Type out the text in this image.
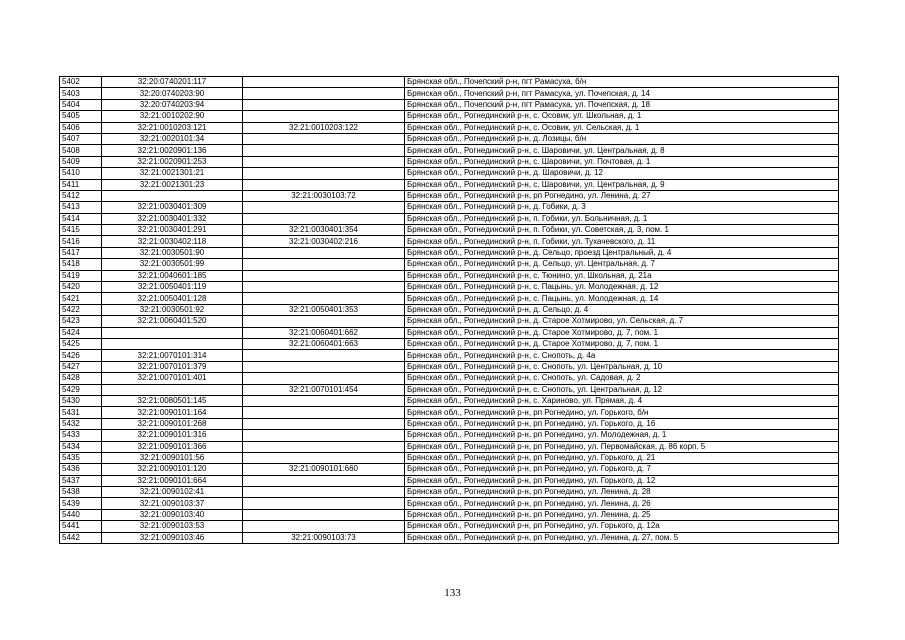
5402	32:20:0740201:117		Брянская обл., Почепский р-н, пгт Рамасуха, б/н
5403	32:20:0740203:90		Брянская обл., Почепский р-н, пгт Рамасуха, ул. Почепская, д. 14
5404	32:20:0740203:94		Брянская обл., Почепский р-н, пгт Рамасуха, ул. Почепская, д. 18
5405	32:21:0010202:90		Брянская обл., Рогнединский р-н, с. Осовик, ул. Школьная, д. 1
5406	32:21:0010203:121	32:21:0010203:122	Брянская обл., Рогнединский р-н, с. Осовик, ул. Сельская, д. 1
5407	32:21:0020101:34		Брянская обл., Рогнединский р-н, д. Лозицы, б/н
5408	32:21:0020901:136		Брянская обл., Рогнединский р-н, с. Шаровичи, ул. Центральная, д. 8
5409	32:21:0020901:253		Брянская обл., Рогнединский р-н, с. Шаровичи, ул. Почтовая, д. 1
5410	32:21:0021301:21		Брянская обл., Рогнединский р-н, д. Шаровичи, д. 12
5411	32:21:0021301:23		Брянская обл., Рогнединский р-н, с. Шаровичи, ул. Центральная, д. 9
5412		32:21:0030103:72	Брянская обл., Рогнединский р-н, рп Рогнедино, ул. Ленина, д. 27
5413	32:21:0030401:309		Брянская обл., Рогнединский р-н, д. Гобики, д. 3
5414	32:21:0030401:332		Брянская обл., Рогнединский р-н, п. Гобики, ул. Больничная, д. 1
5415	32:21:0030401:291	32:21:0030401:354	Брянская обл., Рогнединский р-н, п. Гобики, ул. Советская, д. 3, пом. 1
5416	32:21:0030402:118	32:21:0030402:216	Брянская обл., Рогнединский р-н, п. Гобики, ул. Тухачевского, д. 11
5417	32:21:0030501:90		Брянская обл., Рогнединский р-н, д. Сельцо, проезд Центральный, д. 4
5418	32:21:0030501:99		Брянская обл., Рогнединский р-н, д. Сельцо, ул. Центральная, д. 7
5419	32:21:0040601:185		Брянская обл., Рогнединский р-н, с. Тюнино, ул. Школьная, д. 21а
5420	32:21:0050401:119		Брянская обл., Рогнединский р-н, с. Пацынь, ул. Молодежная, д. 12
5421	32:21:0050401:128		Брянская обл., Рогнединский р-н, с. Пацынь, ул. Молодежная, д. 14
5422	32:21:0030501:92	32:21:0050401:353	Брянская обл., Рогнединский р-н, д. Сельцо, д. 4
5423	32:21:0060401:520		Брянская обл., Рогнединский р-н, д. Старое Хотмирово, ул. Сельская, д. 7
5424		32:21:0060401:662	Брянская обл., Рогнединский р-н, д. Старое Хотмирово, д. 7, пом. 1
5425		32:21:0060401:663	Брянская обл., Рогнединский р-н, д. Старое Хотмирово, д. 7, пом. 1
5426	32:21:0070101:314		Брянская обл., Рогнединский р-н, с. Снопоть, д. 4а
5427	32:21:0070101:379		Брянская обл., Рогнединский р-н, с. Снопоть, ул. Центральная, д. 10
5428	32:21:0070101:401		Брянская обл., Рогнединский р-н, с. Снопоть, ул. Садовая, д. 2
5429		32:21:0070101:454	Брянская обл., Рогнединский р-н, с. Снопоть, ул. Центральная, д. 12
5430	32:21:0080501:145		Брянская обл., Рогнединский р-н, с. Хариново, ул. Прямая, д. 4
5431	32:21:0090101:164		Брянская обл., Рогнединский р-н, рп Рогнедино, ул. Горького, б/н
5432	32:21:0090101:268		Брянская обл., Рогнединский р-н, рп Рогнедино, ул. Горького, д. 16
5433	32:21:0090101:316		Брянская обл., Рогнединский р-н, рп Рогнедино, ул. Молодежная, д. 1
5434	32:21:0090101:366		Брянская обл., Рогнединский р-н, рп Рогнедино, ул. Первомайская, д. 86 корп. 5
5435	32:21:0090101:56		Брянская обл., Рогнединский р-н, рп Рогнедино, ул. Горького, д. 21
5436	32:21:0090101:120	32:21:0090101:660	Брянская обл., Рогнединский р-н, рп Рогнедино, ул. Горького, д. 7
5437	32:21:0090101:664		Брянская обл., Рогнединский р-н, рп Рогнедино, ул. Горького, д. 12
5438	32:21:0090102:41		Брянская обл., Рогнединский р-н, рп Рогнедино, ул. Ленина, д. 28
5439	32:21:0090103:37		Брянская обл., Рогнединский р-н, рп Рогнедино, ул. Ленина, д. 26
5440	32:21:0090103:40		Брянская обл., Рогнединский р-н, рп Рогнедино, ул. Ленина, д. 25
5441	32:21:0090103:53		Брянская обл., Рогнединский р-н, рп Рогнедино, ул. Горького, д. 12а
5442	32:21:0090103:46	32:21:0090103:73	Брянская обл., Рогнединский р-н, рп Рогнедино, ул. Ленина, д. 27, пом. 5
133
